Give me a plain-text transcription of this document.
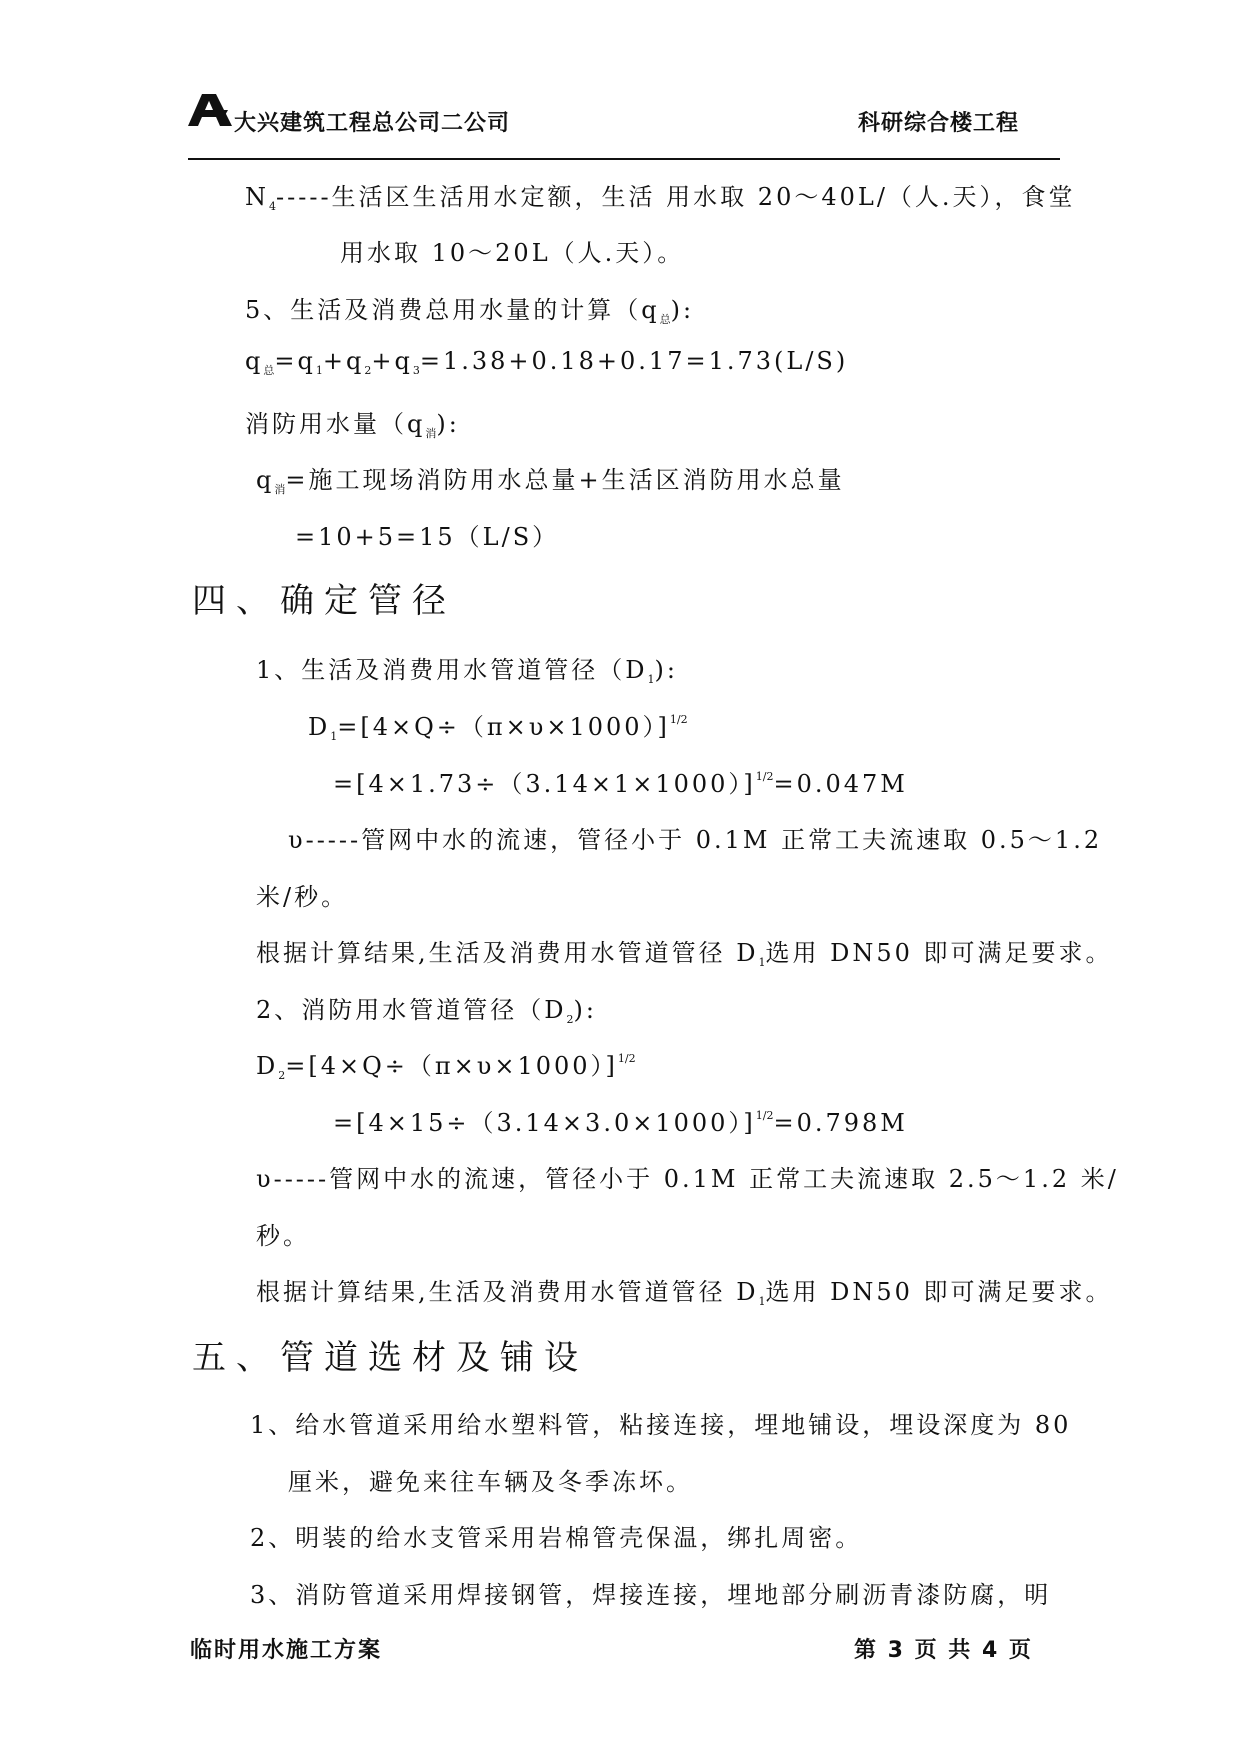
大兴建筑工程总公司二公司	科研综合楼工程
$N_4-----$生活区生活用水定额，生活 用水取 20～40L/（人.天），食堂
用水取 10～20L（人.天）。
5、生活及消费总用水量的计算$(q_总)$:
$q_总=q_1+q_2+q_3=1.38+0.18+0.17=1.73(L/S)$
消防用水量$(q_消)$:
$q_消=$施工现场消防用水总量+生活区消防用水总量
=10+5=15（L/S）
四、确定管径
1、生活及消费用水管道管径$(D_1)$:
$D_1=[4\times Q\div(\pi\times\upsilon\times 1000)]^{1/2}$
$=[4\times 1.73\div(3.14\times 1\times 1000)]^{1/2}=0.047M$
υ-----管网中水的流速，管径小于 0.1M 正常工夫流速取 0.5～1.2
米/秒。
根据计算结果,生活及消费用水管道管径 $D_1$选用 DN50 即可满足要求。
2、消防用水管道管径$(D_2)$:
$D_2=[4\times Q\div(\pi\times\upsilon\times 1000)]^{1/2}$
$=[4\times 15\div(3.14\times 3.0\times 1000)]^{1/2}=0.798M$
υ-----管网中水的流速，管径小于 0.1M 正常工夫流速取 2.5～1.2 米/
秒。
根据计算结果,生活及消费用水管道管径 $D_1$选用 DN50 即可满足要求。
五、管道选材及铺设
1、给水管道采用给水塑料管，粘接连接，埋地铺设，埋设深度为 80
厘米，避免来往车辆及冬季冻坏。
2、明装的给水支管采用岩棉管壳保温，绑扎周密。
3、消防管道采用焊接钢管，焊接连接，埋地部分刷沥青漆防腐，明
临时用水施工方案	第 3 页 共 4 页
